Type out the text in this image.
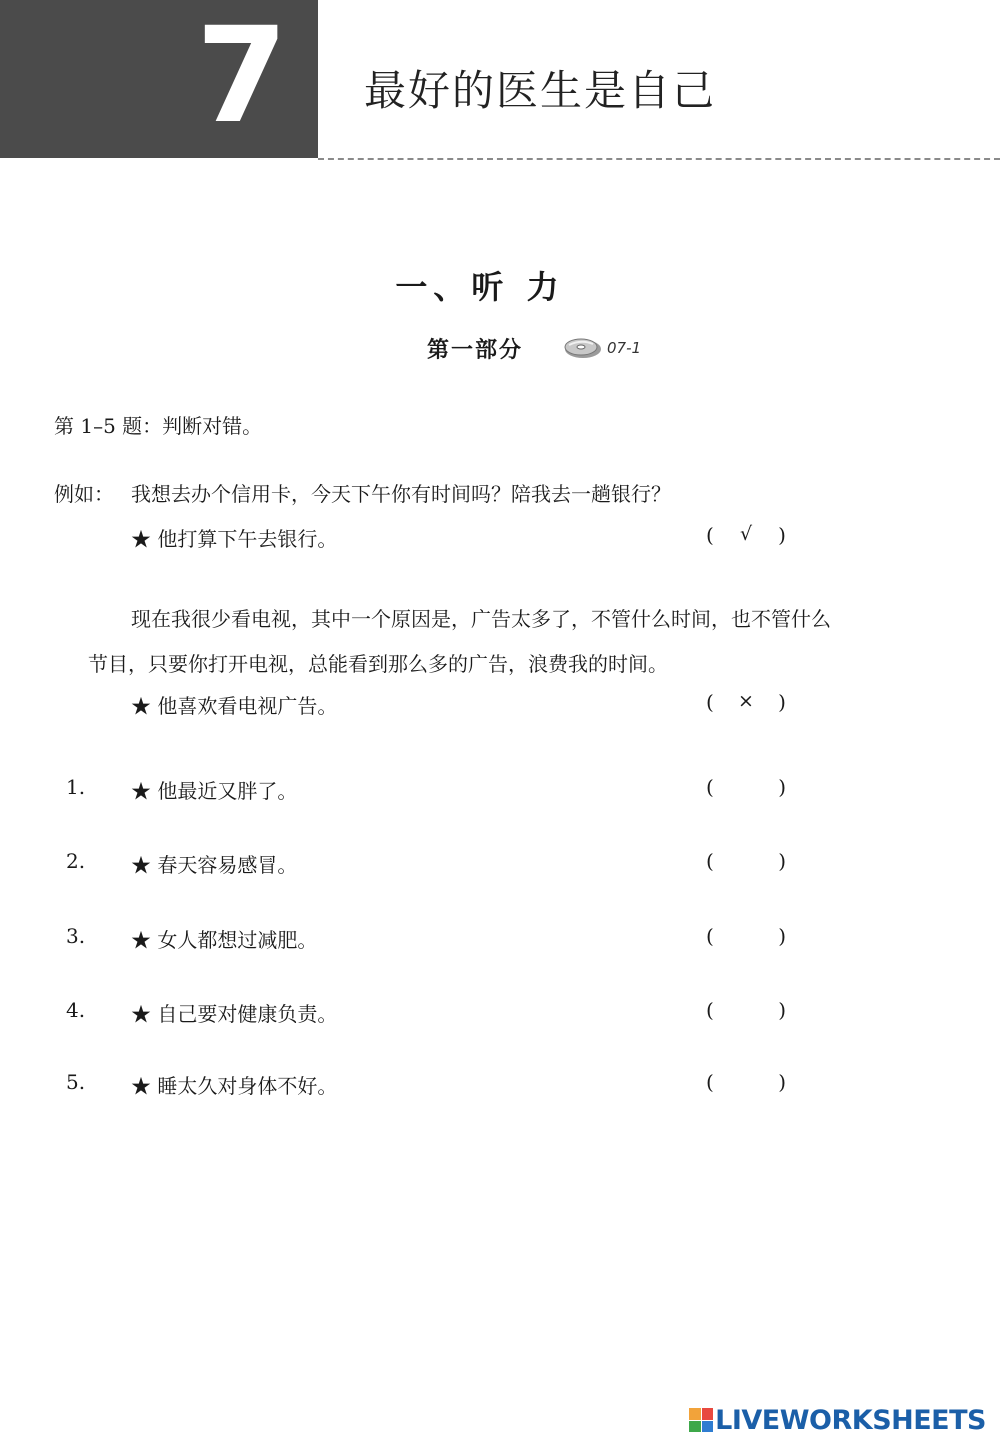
7 最好的医生是自己
一、听 力
第一部分	07-1
第 1–5 题：判断对错。
例如： 我想去办个信用卡，今天下午你有时间吗？陪我去一趟银行？
★ 他打算下午去银行。	( √ )
现在我很少看电视，其中一个原因是，广告太多了，不管什么时间，也不管什么
节目，只要你打开电视，总能看到那么多的广告，浪费我的时间。
★ 他喜欢看电视广告。	( × )
1. ★ 他最近又胖了。	(	)
2. ★ 春天容易感冒。	(	)
3. ★ 女人都想过减肥。	(	)
4. ★ 自己要对健康负责。	(	)
5. ★ 睡太久对身体不好。	(	)
LIVEWORKSHEETS
